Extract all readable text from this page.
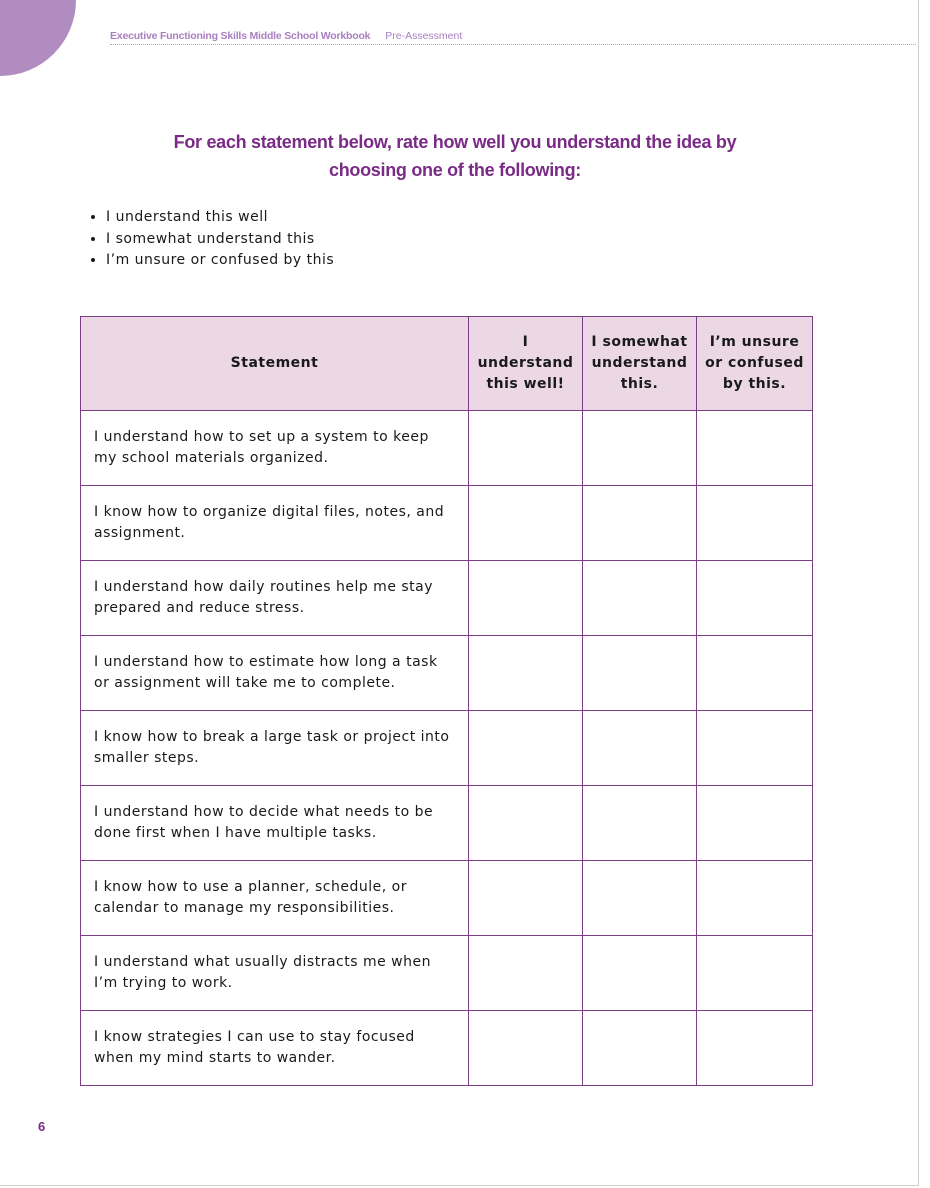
Executive Functioning Skills Middle School Workbook Pre-Assessment
For each statement below, rate how well you understand the idea by
choosing one of the following:
• I understand this well
• I somewhat understand this
• I’m unsure or confused by this
Statement	I understand this well!	I somewhat understand this.	I’m unsure or confused by this.
I understand how to set up a system to keep my school materials organized.			
I know how to organize digital files, notes, and assignment.			
I understand how daily routines help me stay prepared and reduce stress.			
I understand how to estimate how long a task or assignment will take me to complete.			
I know how to break a large task or project into smaller steps.			
I understand how to decide what needs to be done first when I have multiple tasks.			
I know how to use a planner, schedule, or calendar to manage my responsibilities.			
I understand what usually distracts me when I’m trying to work.			
I know strategies I can use to stay focused when my mind starts to wander.			
6
